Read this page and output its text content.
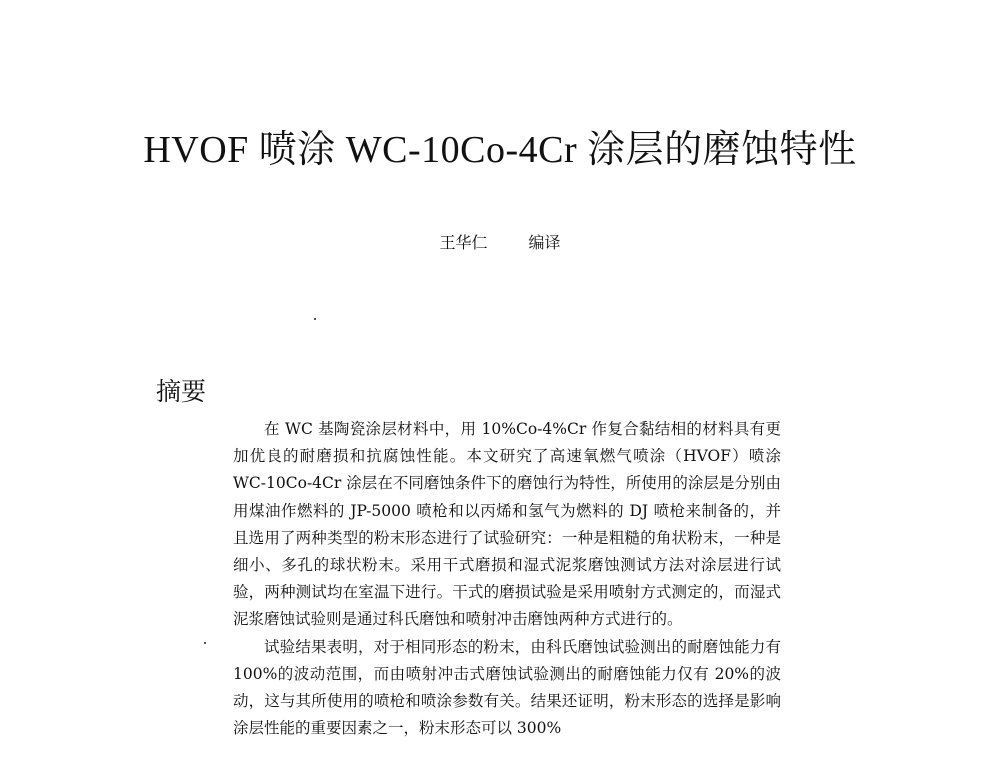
HVOF 喷涂 WC-10Co-4Cr 涂层的磨蚀特性
王华仁	编译
摘要

在 WC 基陶瓷涂层材料中，用 10%Co-4%Cr 作复合黏结相的材料具有更加优良的耐磨损和抗腐蚀性能。本文研究了高速氧燃气喷涂（HVOF）喷涂 WC-10Co-4Cr 涂层在不同磨蚀条件下的磨蚀行为特性，所使用的涂层是分别由用煤油作燃料的 JP-5000 喷枪和以丙烯和氢气为燃料的 DJ 喷枪来制备的，并且选用了两种类型的粉末形态进行了试验研究：一种是粗糙的角状粉末，一种是细小、多孔的球状粉末。采用干式磨损和湿式泥浆磨蚀测试方法对涂层进行试验，两种测试均在室温下进行。干式的磨损试验是采用喷射方式测定的，而湿式泥浆磨蚀试验则是通过科氏磨蚀和喷射冲击磨蚀两种方式进行的。

试验结果表明，对于相同形态的粉末，由科氏磨蚀试验测出的耐磨蚀能力有 100%的波动范围，而由喷射冲击式磨蚀试验测出的耐磨蚀能力仅有 20%的波动，这与其所使用的喷枪和喷涂参数有关。结果还证明，粉末形态的选择是影响涂层性能的重要因素之一，粉末形态可以 300%
